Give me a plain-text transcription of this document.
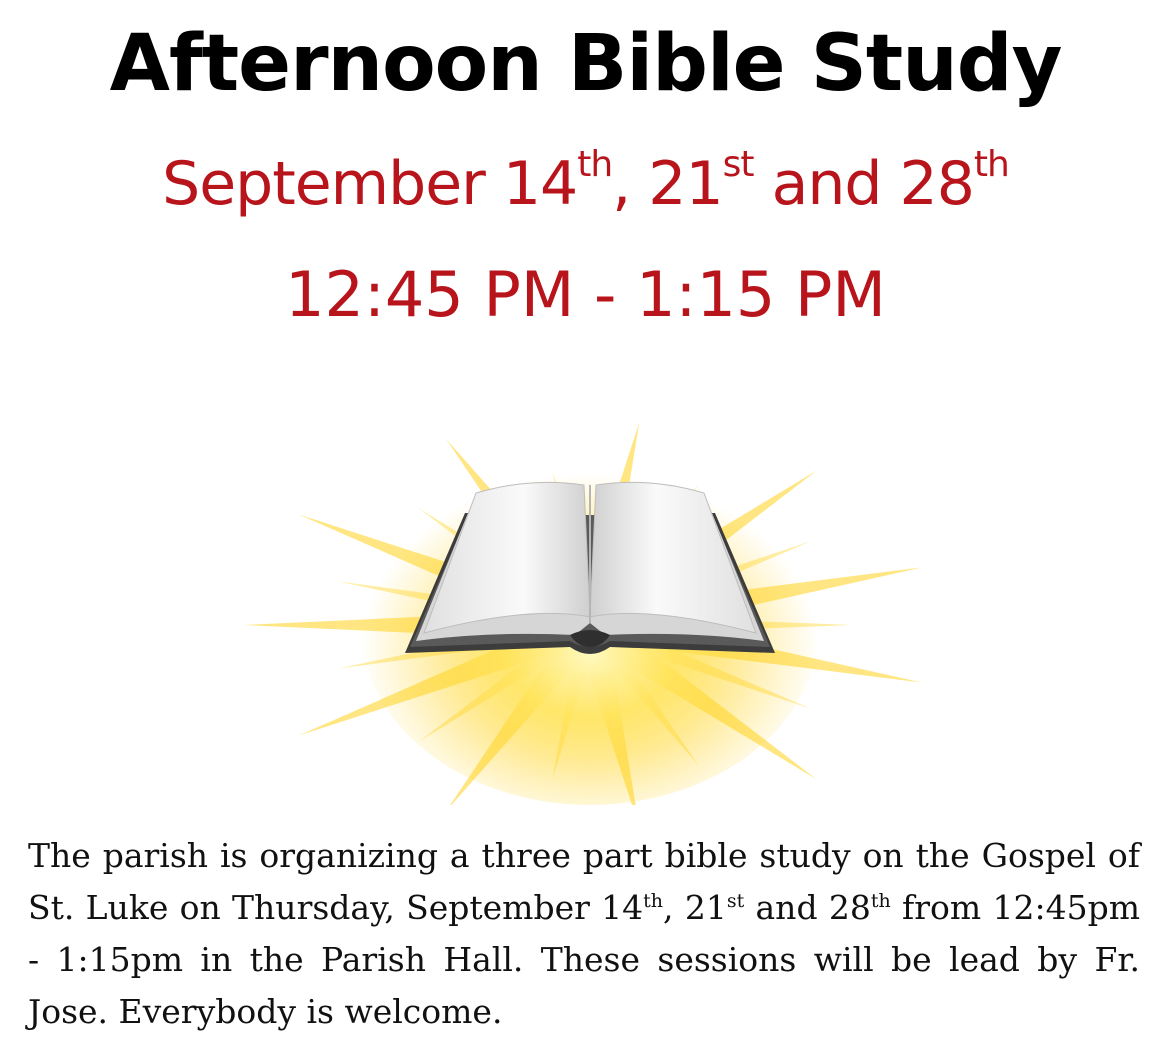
Afternoon Bible Study
September 14th, 21st and 28th
12:45 PM - 1:15 PM

The parish is organizing a three part bible study on the Gospel of St. Luke on Thursday, September 14th, 21st and 28th from 12:45pm - 1:15pm in the Parish Hall. These sessions will be lead by Fr. Jose. Everybody is welcome.
